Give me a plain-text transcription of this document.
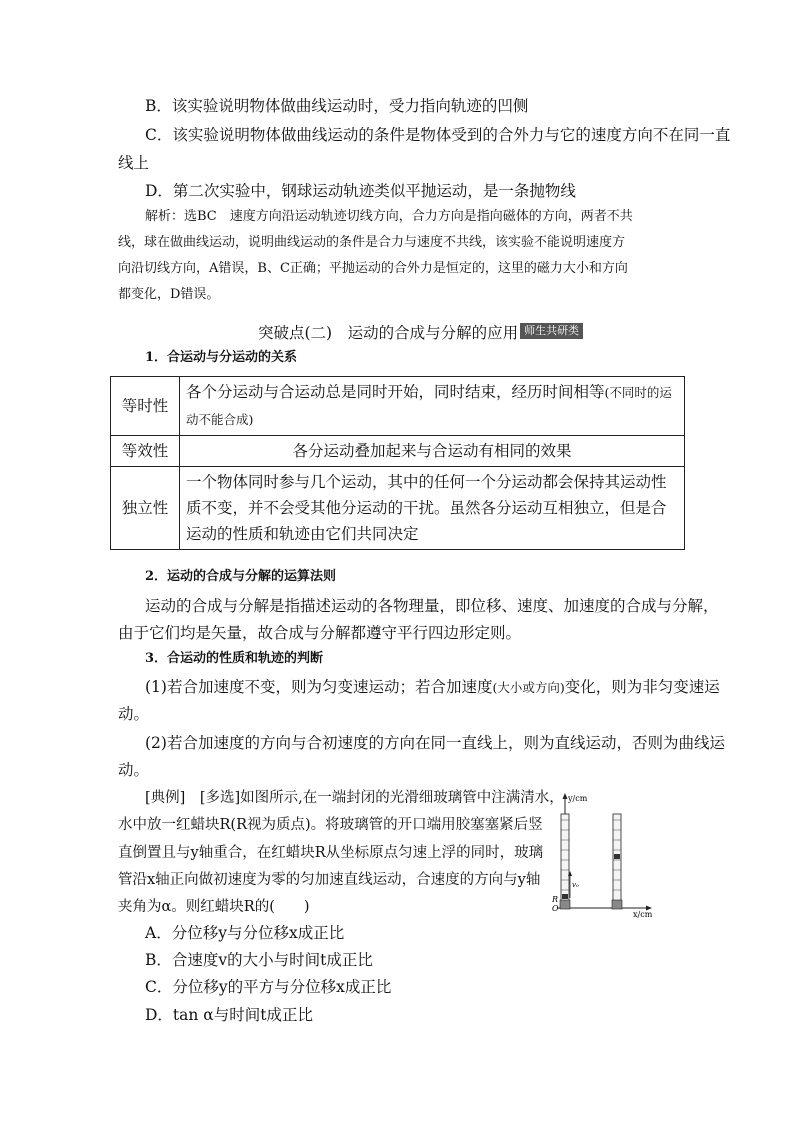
B．该实验说明物体做曲线运动时，受力指向轨迹的凹侧
C．该实验说明物体做曲线运动的条件是物体受到的合外力与它的速度方向不在同一直
线上
D．第二次实验中，钢球运动轨迹类似平抛运动，是一条抛物线
解析：选BC　速度方向沿运动轨迹切线方向，合力方向是指向磁体的方向，两者不共
线，球在做曲线运动，说明曲线运动的条件是合力与速度不共线，该实验不能说明速度方
向沿切线方向，A错误，B、C正确；平抛运动的合外力是恒定的，这里的磁力大小和方向
都变化，D错误。
突破点(二)　运动的合成与分解的应用 师生共研类
1．合运动与分运动的关系
等时性	各个分运动与合运动总是同时开始，同时结束，经历时间相等(不同时的运动不能合成)
等效性	各分运动叠加起来与合运动有相同的效果
独立性	一个物体同时参与几个运动，其中的任何一个分运动都会保持其运动性质不变，并不会受其他分运动的干扰。虽然各分运动互相独立，但是合运动的性质和轨迹由它们共同决定
2．运动的合成与分解的运算法则
运动的合成与分解是指描述运动的各物理量，即位移、速度、加速度的合成与分解，
由于它们均是矢量，故合成与分解都遵守平行四边形定则。
3．合运动的性质和轨迹的判断
(1)若合加速度不变，则为匀变速运动；若合加速度(大小或方向)变化，则为非匀变速运
动。
(2)若合加速度的方向与合初速度的方向在同一直线上，则为直线运动，否则为曲线运
动。
[典例]　[多选]如图所示,在一端封闭的光滑细玻璃管中注满清水，
水中放一红蜡块R(R视为质点)。将玻璃管的开口端用胶塞塞紧后竖
直倒置且与y轴重合，在红蜡块R从坐标原点匀速上浮的同时，玻璃
管沿x轴正向做初速度为零的匀加速直线运动，合速度的方向与y轴
夹角为α。则红蜡块R的(　　)
A．分位移y与分位移x成正比
B．合速度v的大小与时间t成正比
C．分位移y的平方与分位移x成正比
D．tan α与时间t成正比
y/cm
x/cm
v₀
R
O
